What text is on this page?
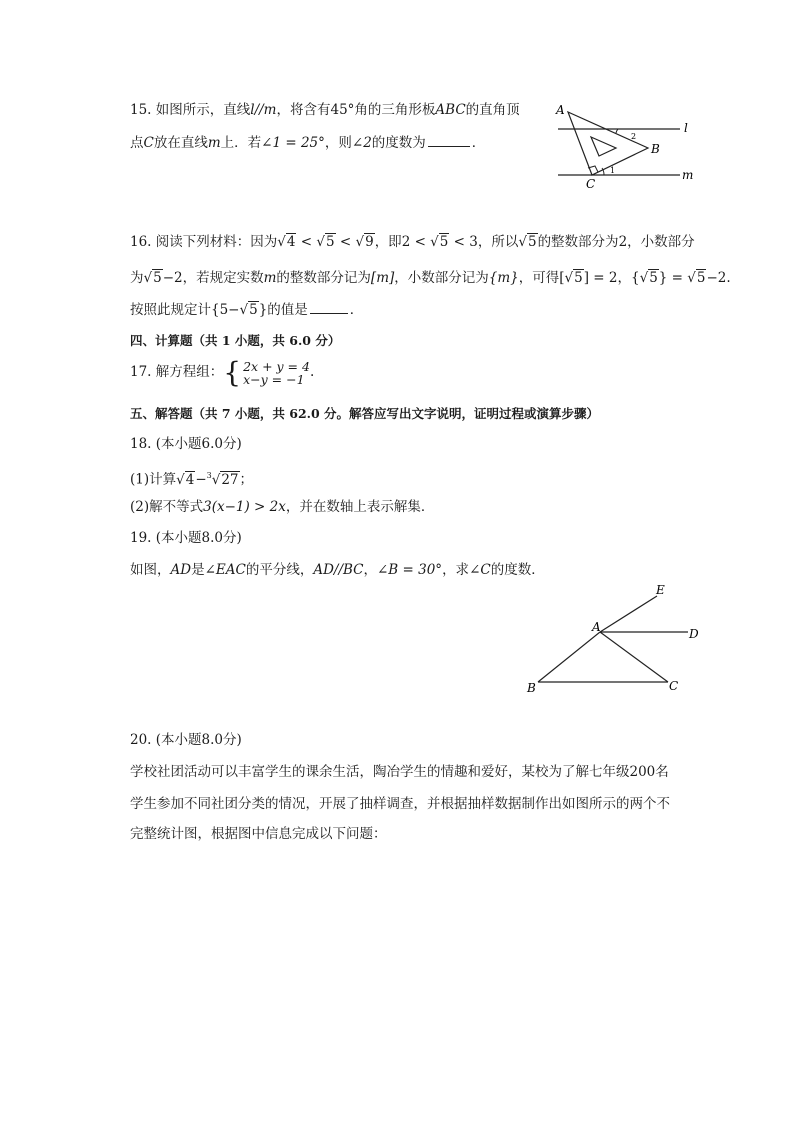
15. 如图所示，直线l//m，将含有45°角的三角形板ABC的直角顶
点C放在直线m上．若∠1 = 25°，则∠2的度数为	．
A
B
C
l
m
1
2
16. 阅读下列材料：因为√4 < √5 < √9，即2 < √5 < 3，所以√5的整数部分为2，小数部分
为√5−2，若规定实数m的整数部分记为[m]，小数部分记为{m}，可得[√5] = 2，{√5} = √5−2.
按照此规定计{5−√5}的值是	．
四、计算题（共 1 小题，共 6.0 分）
17. 解方程组： { 2x + y = 4
x−y = −1 .
五、解答题（共 7 小题，共 62.0 分。解答应写出文字说明，证明过程或演算步骤）
18. (本小题6.0分)
(1)计算√4−$^3$√27；
(2)解不等式3(x−1) > 2x，并在数轴上表示解集．
19. (本小题8.0分)
如图，AD是∠EAC的平分线，AD//BC，∠B = 30°，求∠C的度数．
A
B	C
D
E
20. (本小题8.0分)
学校社团活动可以丰富学生的课余生活，陶冶学生的情趣和爱好，某校为了解七年级200名
学生参加不同社团分类的情况，开展了抽样调查，并根据抽样数据制作出如图所示的两个不
完整统计图，根据图中信息完成以下问题：
